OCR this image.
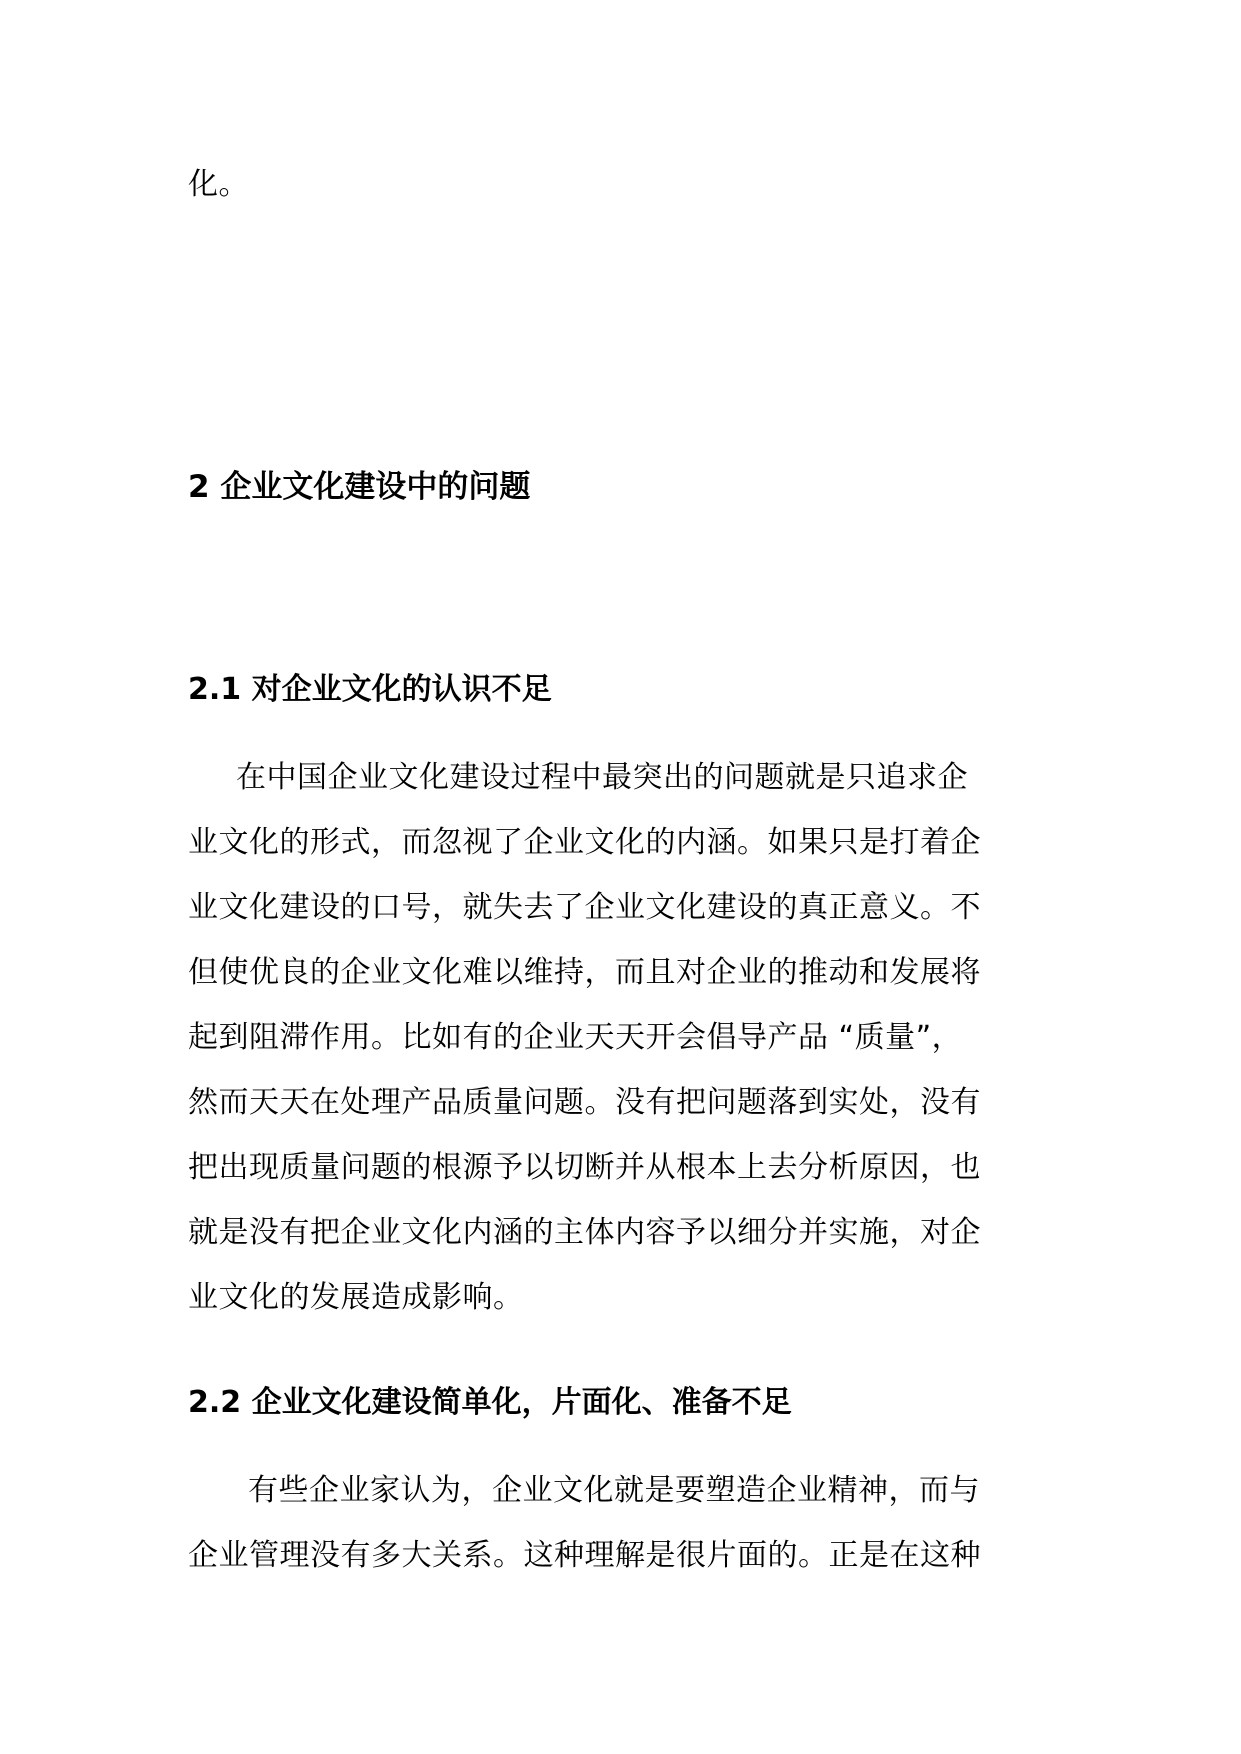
化。

2 企业文化建设中的问题
2.1 对企业文化的认识不足
在中国企业文化建设过程中最突出的问题就是只追求企
业文化的形式，而忽视了企业文化的内涵。如果只是打着企
业文化建设的口号，就失去了企业文化建设的真正意义。不
但使优良的企业文化难以维持，而且对企业的推动和发展将
起到阻滞作用。比如有的企业天天开会倡导产品 “质量”，
然而天天在处理产品质量问题。没有把问题落到实处，没有
把出现质量问题的根源予以切断并从根本上去分析原因，也
就是没有把企业文化内涵的主体内容予以细分并实施，对企
业文化的发展造成影响。
2.2 企业文化建设简单化，片面化、准备不足
有些企业家认为，企业文化就是要塑造企业精神，而与
企业管理没有多大关系。这种理解是很片面的。正是在这种
